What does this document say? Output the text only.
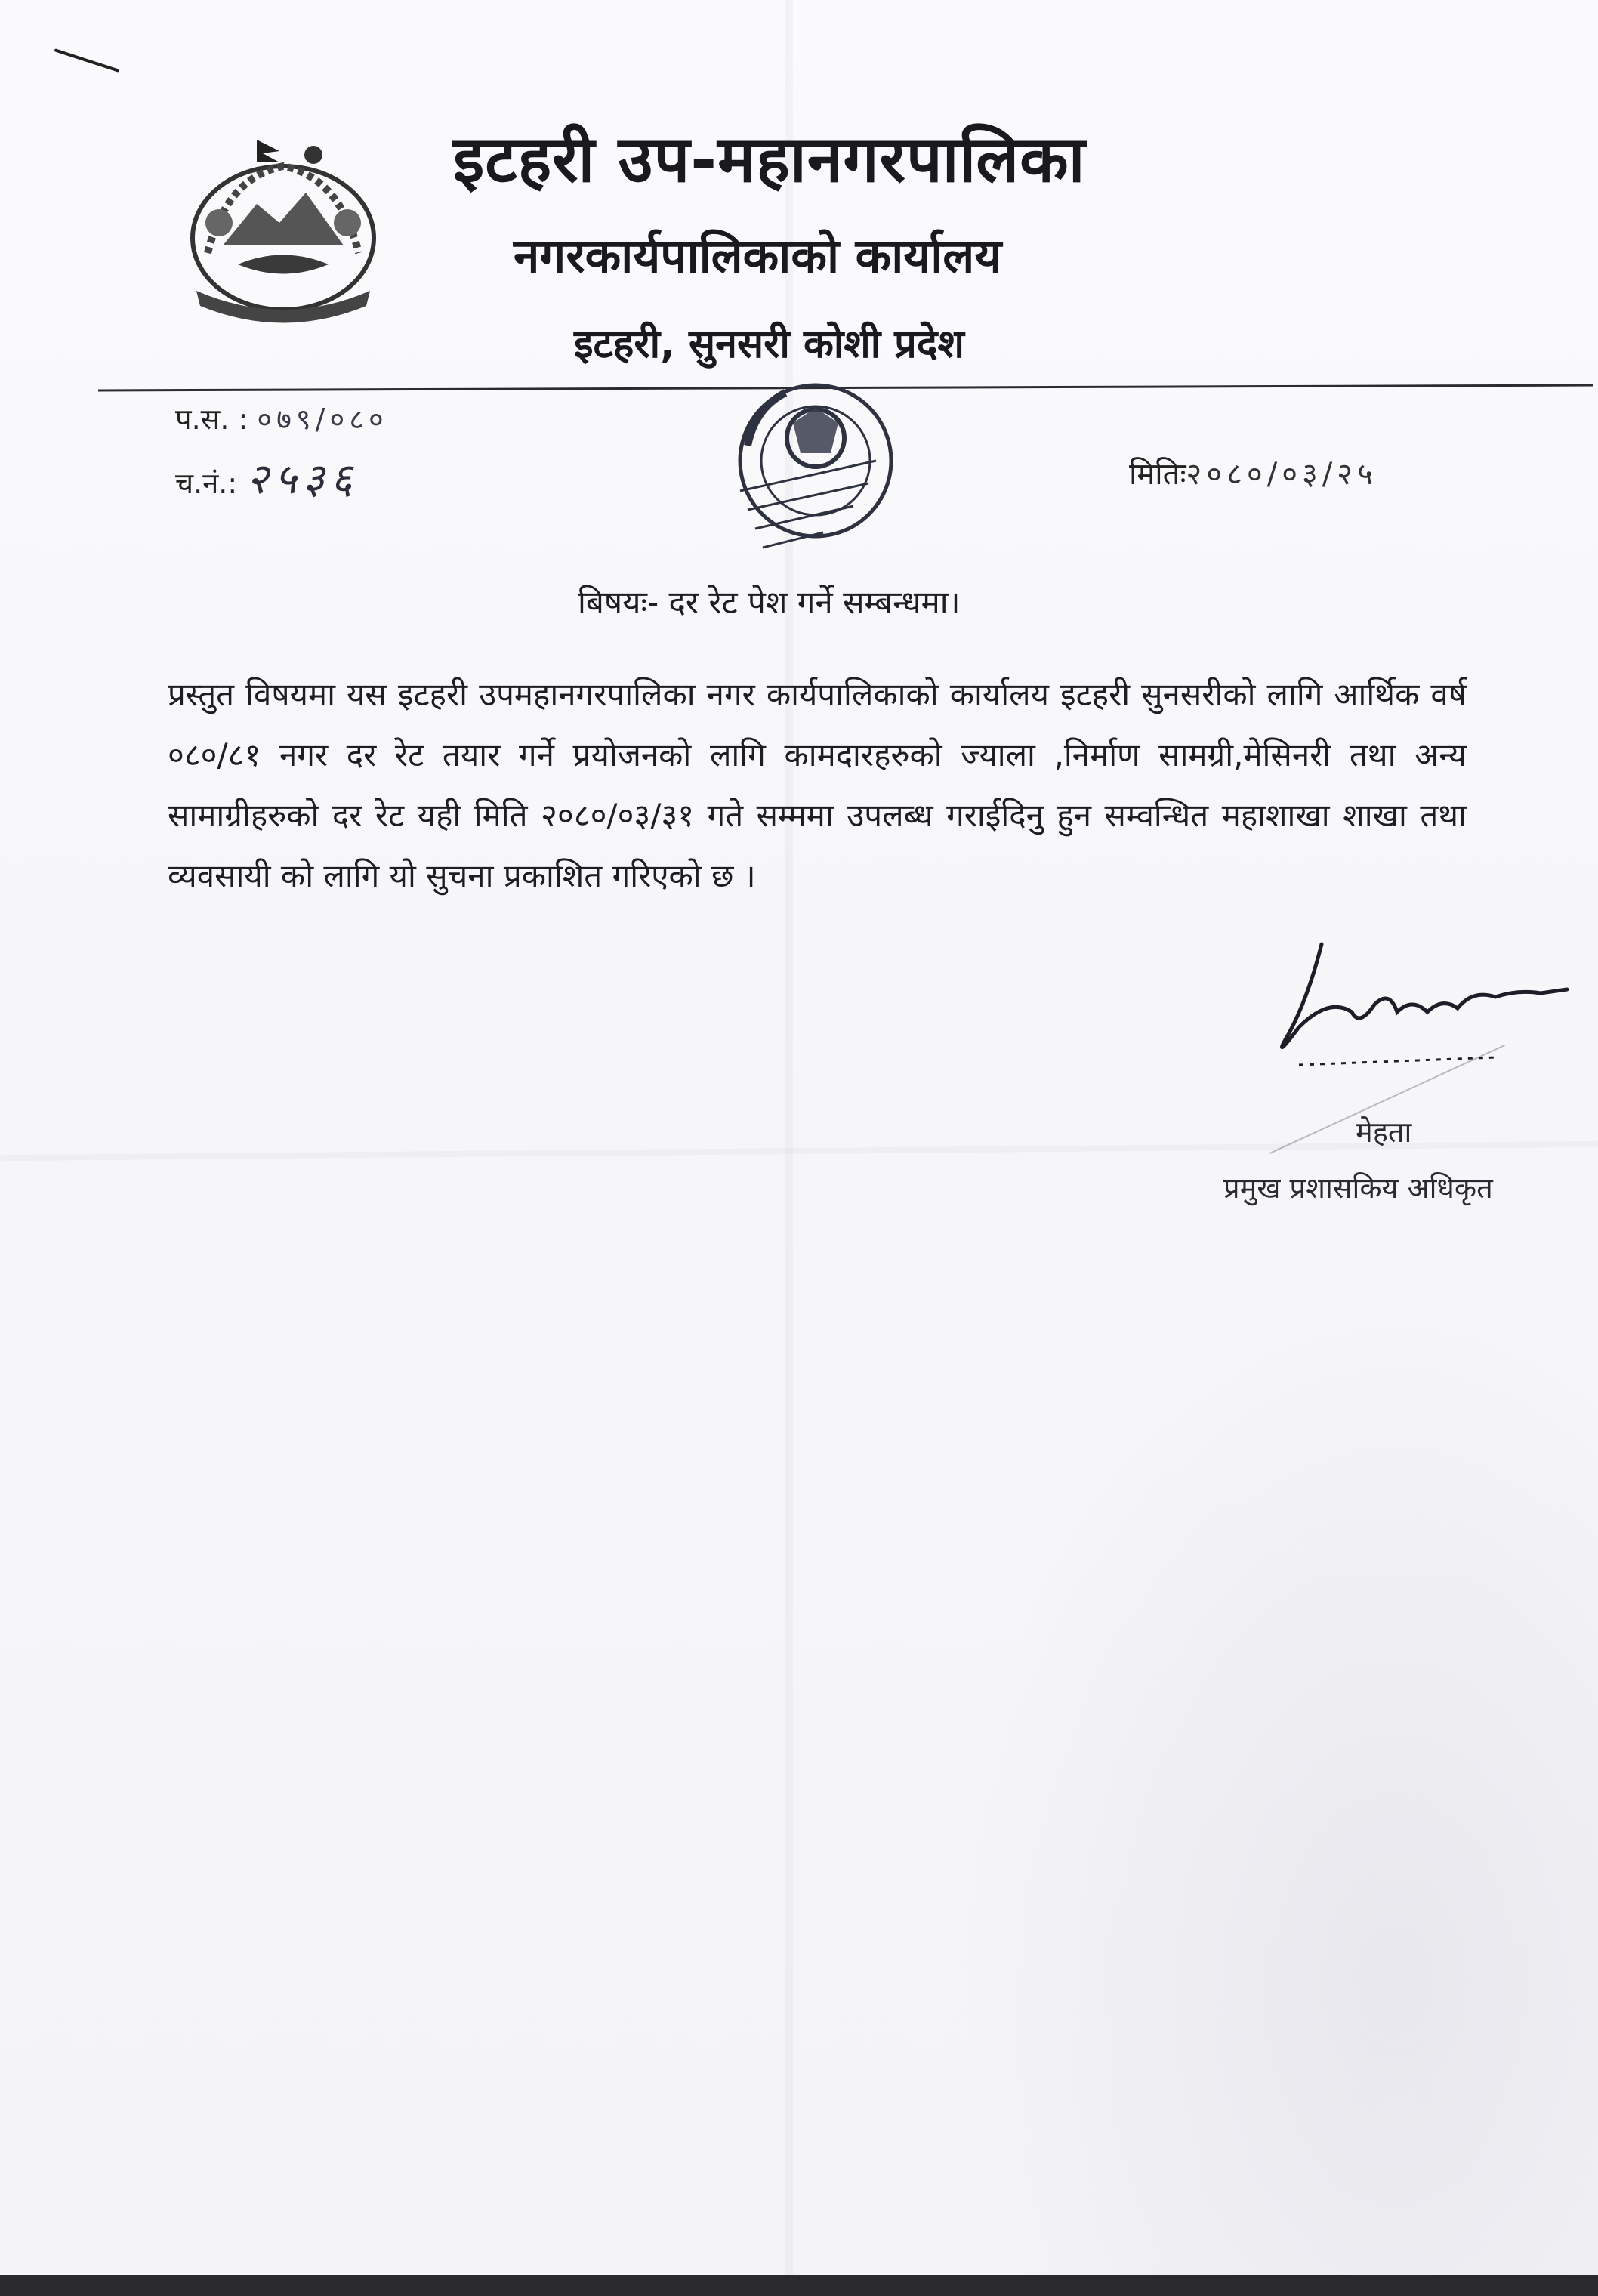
इटहरी उप-महानगरपालिका
नगरकार्यपालिकाको कार्यालय
इटहरी, सुनसरी कोशी प्रदेश
प.स. : ०७९/०८०
च.नं.: २५३६	मितिः२०८०/०३/२५
बिषयः- दर रेट पेश गर्ने सम्बन्धमा।
प्रस्तुत विषयमा यस इटहरी उपमहानगरपालिका नगर कार्यपालिकाको कार्यालय इटहरी सुनसरीको लागि आर्थिक वर्ष ०८०/८१ नगर दर रेट तयार गर्ने प्रयोजनको लागि कामदारहरुको ज्याला ,निर्माण सामग्री,मेसिनरी तथा अन्य सामाग्रीहरुको दर रेट यही मिति २०८०/०३/३१ गते सम्ममा उपलब्ध गराईदिनु हुन सम्वन्धित महाशाखा शाखा तथा व्यवसायी को लागि यो सुचना प्रकाशित गरिएको छ ।
मेहता
प्रमुख प्रशासकिय अधिकृत
